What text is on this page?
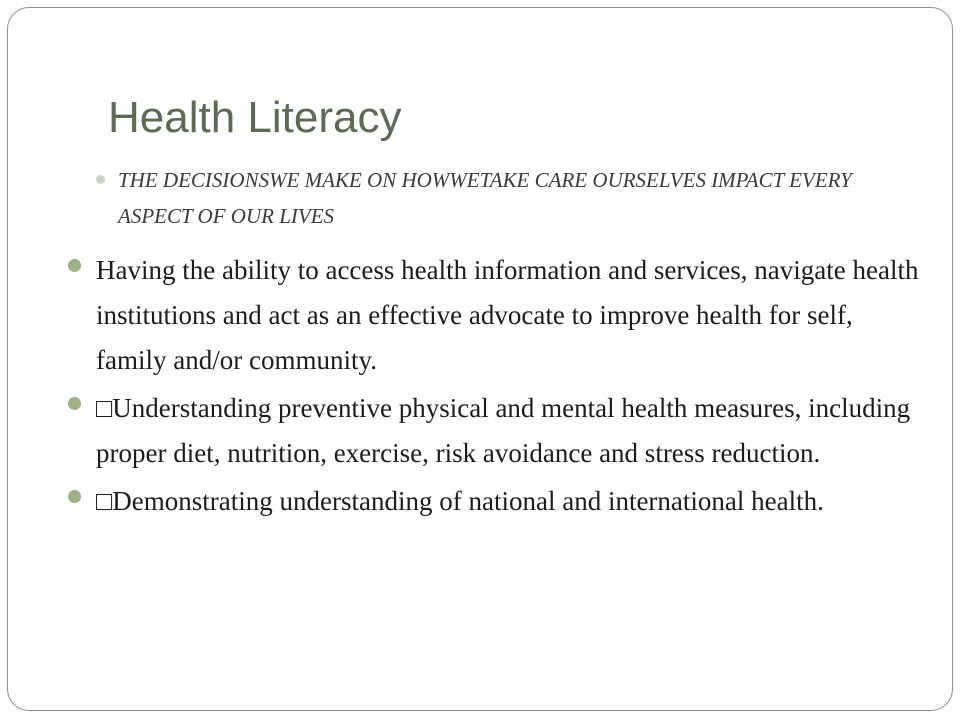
Health Literacy
THE DECISIONSWE MAKE ON HOWWETAKE CARE OURSELVES IMPACT EVERY ASPECT OF OUR LIVES
Having the ability to access health information and services, navigate health institutions and act as an effective advocate to improve health for self, family and/or community.
□Understanding preventive physical and mental health measures, including proper diet, nutrition, exercise, risk avoidance and stress reduction.
□Demonstrating understanding of national and international health.
